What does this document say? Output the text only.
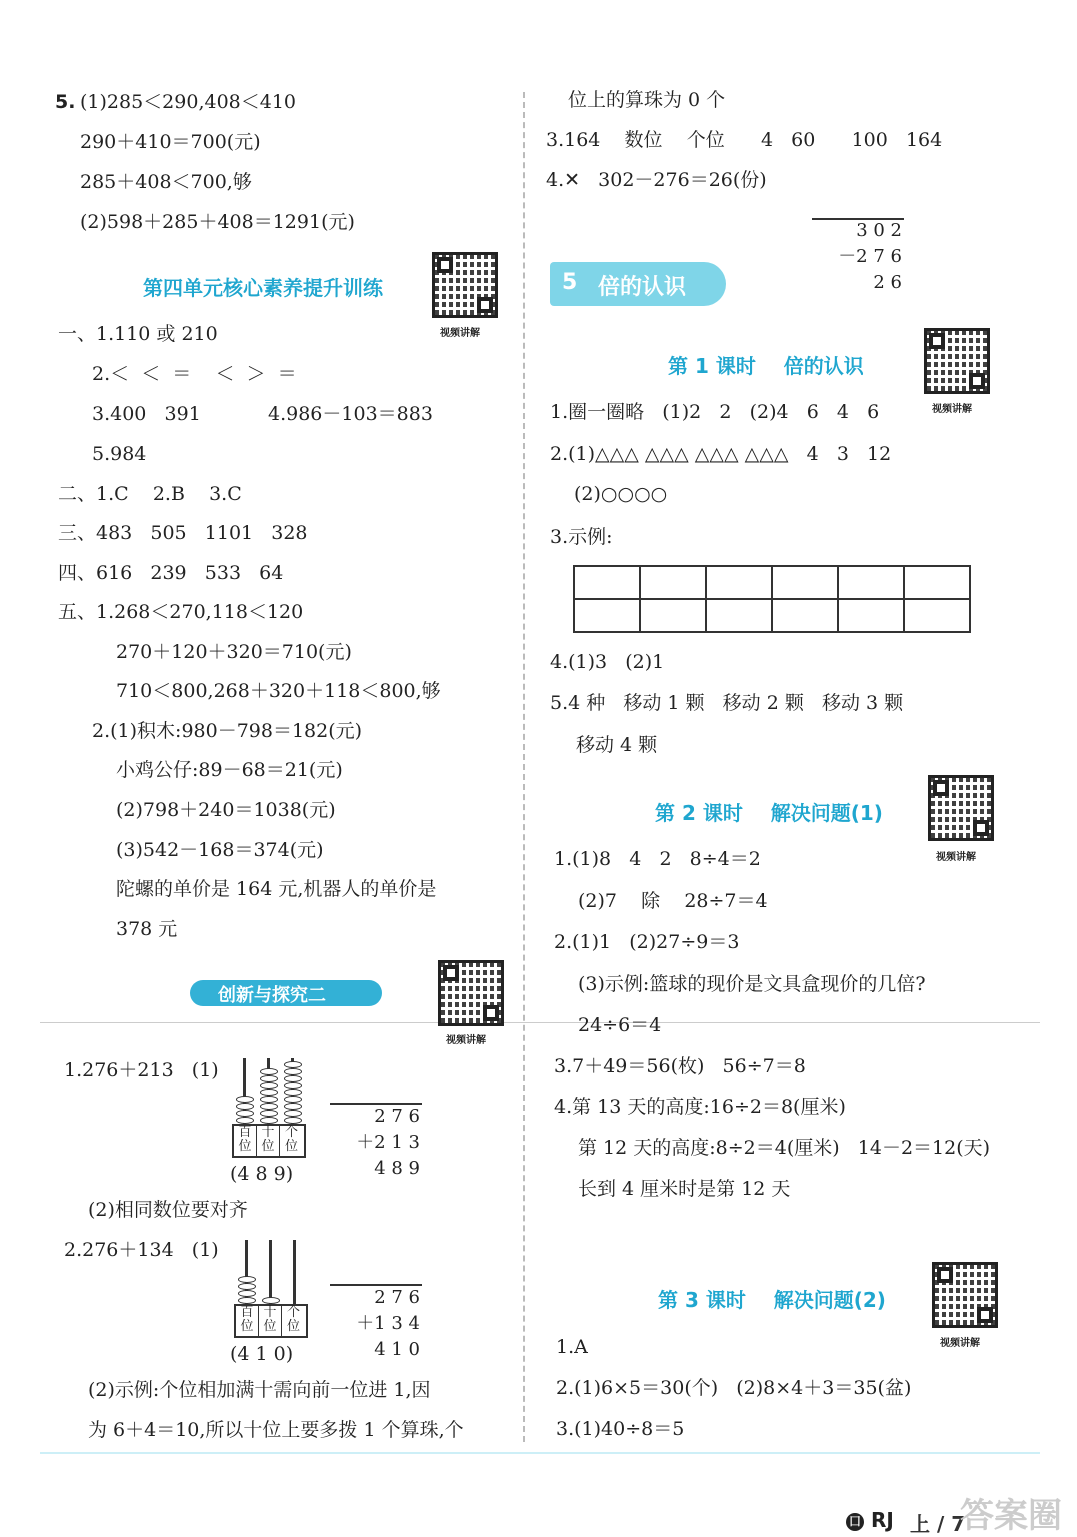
5. (1)285＜290,408＜410
290＋410＝700(元)
285＋408＜700,够
(2)598＋285＋408＝1291(元)
第四单元核心素养提升训练
视频讲解
一、1.110 或 210
2.＜  ＜  ＝    ＜  ＞  ＝
3.400   391	4.986－103＝883
5.984
二、1.C    2.B    3.C
三、483   505   1101   328
四、616   239   533   64
五、1.268＜270,118＜120
270＋120＋320＝710(元)
710＜800,268＋320＋118＜800,够
2.(1)积木:980－798＝182(元)
小鸡公仔:89－68＝21(元)
(2)798＋240＝1038(元)
(3)542－168＝374(元)
陀螺的单价是 164 元,机器人的单价是
378 元
创新与探究二
视频讲解
1.276＋213   (1)
百
位
十
位
个
位
(4 8 9)

2 7 6
＋2 1 3
4 8 9

(2)相同数位要对齐
2.276＋134   (1)
百
位
十
位
个
位
(4 1 0)

2 7 6
＋1 3 4
4 1 0

(2)示例:个位相加满十需向前一位进 1,因
为 6＋4＝10,所以十位上要多拨 1 个算珠,个
位上的算珠为 0 个
3.164    数位    个位      4   60      100   164
4.✕   302－276＝26(份)

3 0 2
－2 7 6
2 6

5 倍的认识
第 1 课时    倍的认识
视频讲解
1.圈一圈略   (1)2   2   (2)4   6   4   6
2.(1)△△△ △△△ △△△ △△△   4   3   12
(2)○○○○
3.示例:

4.(1)3   (2)1
5.4 种   移动 1 颗   移动 2 颗   移动 3 颗
移动 4 颗
第 2 课时    解决问题(1)
视频讲解
1.(1)8   4   2   8÷4＝2
(2)7    除    28÷7＝4
2.(1)1   (2)27÷9＝3
(3)示例:篮球的现价是文具盒现价的几倍?
24÷6＝4
3.7＋49＝56(枚)   56÷7＝8
4.第 13 天的高度:16÷2＝8(厘米)
第 12 天的高度:8÷2＝4(厘米)   14－2＝12(天)
长到 4 厘米时是第 12 天
第 3 课时    解决问题(2)
视频讲解
1.A
2.(1)6×5＝30(个)   (2)8×4＋3＝35(盆)
3.(1)40÷8＝5
囗 RJ 上 / 7
答案圈
